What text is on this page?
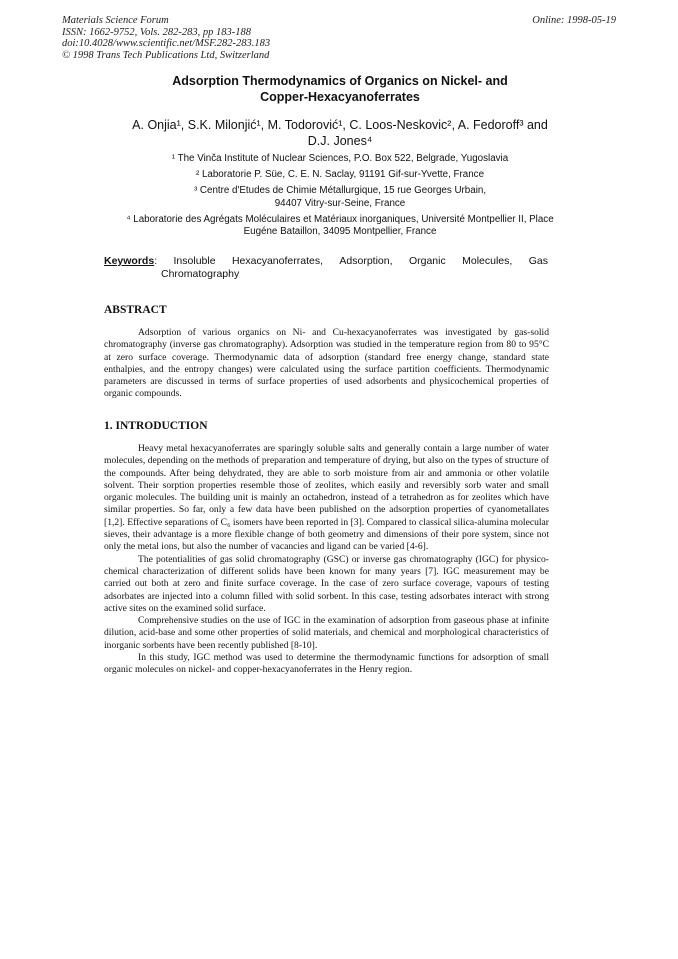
Materials Science Forum
ISSN: 1662-9752, Vols. 282-283, pp 183-188
doi:10.4028/www.scientific.net/MSF.282-283.183
© 1998 Trans Tech Publications Ltd, Switzerland
Online: 1998-05-19
Adsorption Thermodynamics of Organics on Nickel- and
Copper-Hexacyanoferrates
A. Onjia¹, S.K. Milonjić¹, M. Todorović¹, C. Loos-Neskovic², A. Fedoroff³ and
D.J. Jones⁴

¹ The Vinča Institute of Nuclear Sciences, P.O. Box 522, Belgrade, Yugoslavia

² Laboratorie P. Süe, C. E. N. Saclay, 91191 Gif-sur-Yvette, France

³ Centre d'Etudes de Chimie Métallurgique, 15 rue Georges Urbain, 94407 Vitry-sur-Seine, France

⁴ Laboratorie des Agrégats Moléculaires et Matériaux inorganiques, Université Montpellier II, Place Eugéne Bataillon, 34095 Montpellier, France

Keywords: Insoluble Hexacyanoferrates, Adsorption, Organic Molecules, Gas
Chromatography
ABSTRACT

Adsorption of various organics on Ni- and Cu-hexacyanoferrates was investigated by gas-solid chromatography (inverse gas chromatography). Adsorption was studied in the temperature region from 80 to 95°C at zero surface coverage. Thermodynamic data of adsorption (standard free energy change, standard state enthalpies, and the entropy changes) were calculated using the surface partition coefficients. Thermodynamic parameters are discussed in terms of surface properties of used adsorbents and physicochemical properties of organic compounds.

1. INTRODUCTION

Heavy metal hexacyanoferrates are sparingly soluble salts and generally contain a large number of water molecules, depending on the methods of preparation and temperature of drying, but also on the types of structure of the compounds. After being dehydrated, they are able to sorb moisture from air and ammonia or other volatile solvent. Their sorption properties resemble those of zeolites, which easily and reversibly sorb water and small organic molecules. The building unit is mainly an octahedron, instead of a tetrahedron as for zeolites which have similar properties. So far, only a few data have been published on the adsorption properties of cyanometallates [1,2]. Effective separations of C₆ isomers have been reported in [3]. Compared to classical silica-alumina molecular sieves, their advantage is a more flexible change of both geometry and dimensions of their pore system, since not only the metal ions, but also the number of vacancies and ligand can be varied [4-6].

The potentialities of gas solid chromatography (GSC) or inverse gas chromatography (IGC) for physico-chemical characterization of different solids have been known for many years [7]. IGC measurement may be carried out both at zero and finite surface coverage. In the case of zero surface coverage, vapours of testing adsorbates are injected into a column filled with solid sorbent. In this case, testing adsorbates interact with strong active sites on the examined solid surface.

Comprehensive studies on the use of IGC in the examination of adsorption from gaseous phase at infinite dilution, acid-base and some other properties of solid materials, and chemical and morphological characteristics of inorganic sorbents have been recently published [8-10].

In this study, IGC method was used to determine the thermodynamic functions for adsorption of small organic molecules on nickel- and copper-hexacyanoferrates in the Henry region.
